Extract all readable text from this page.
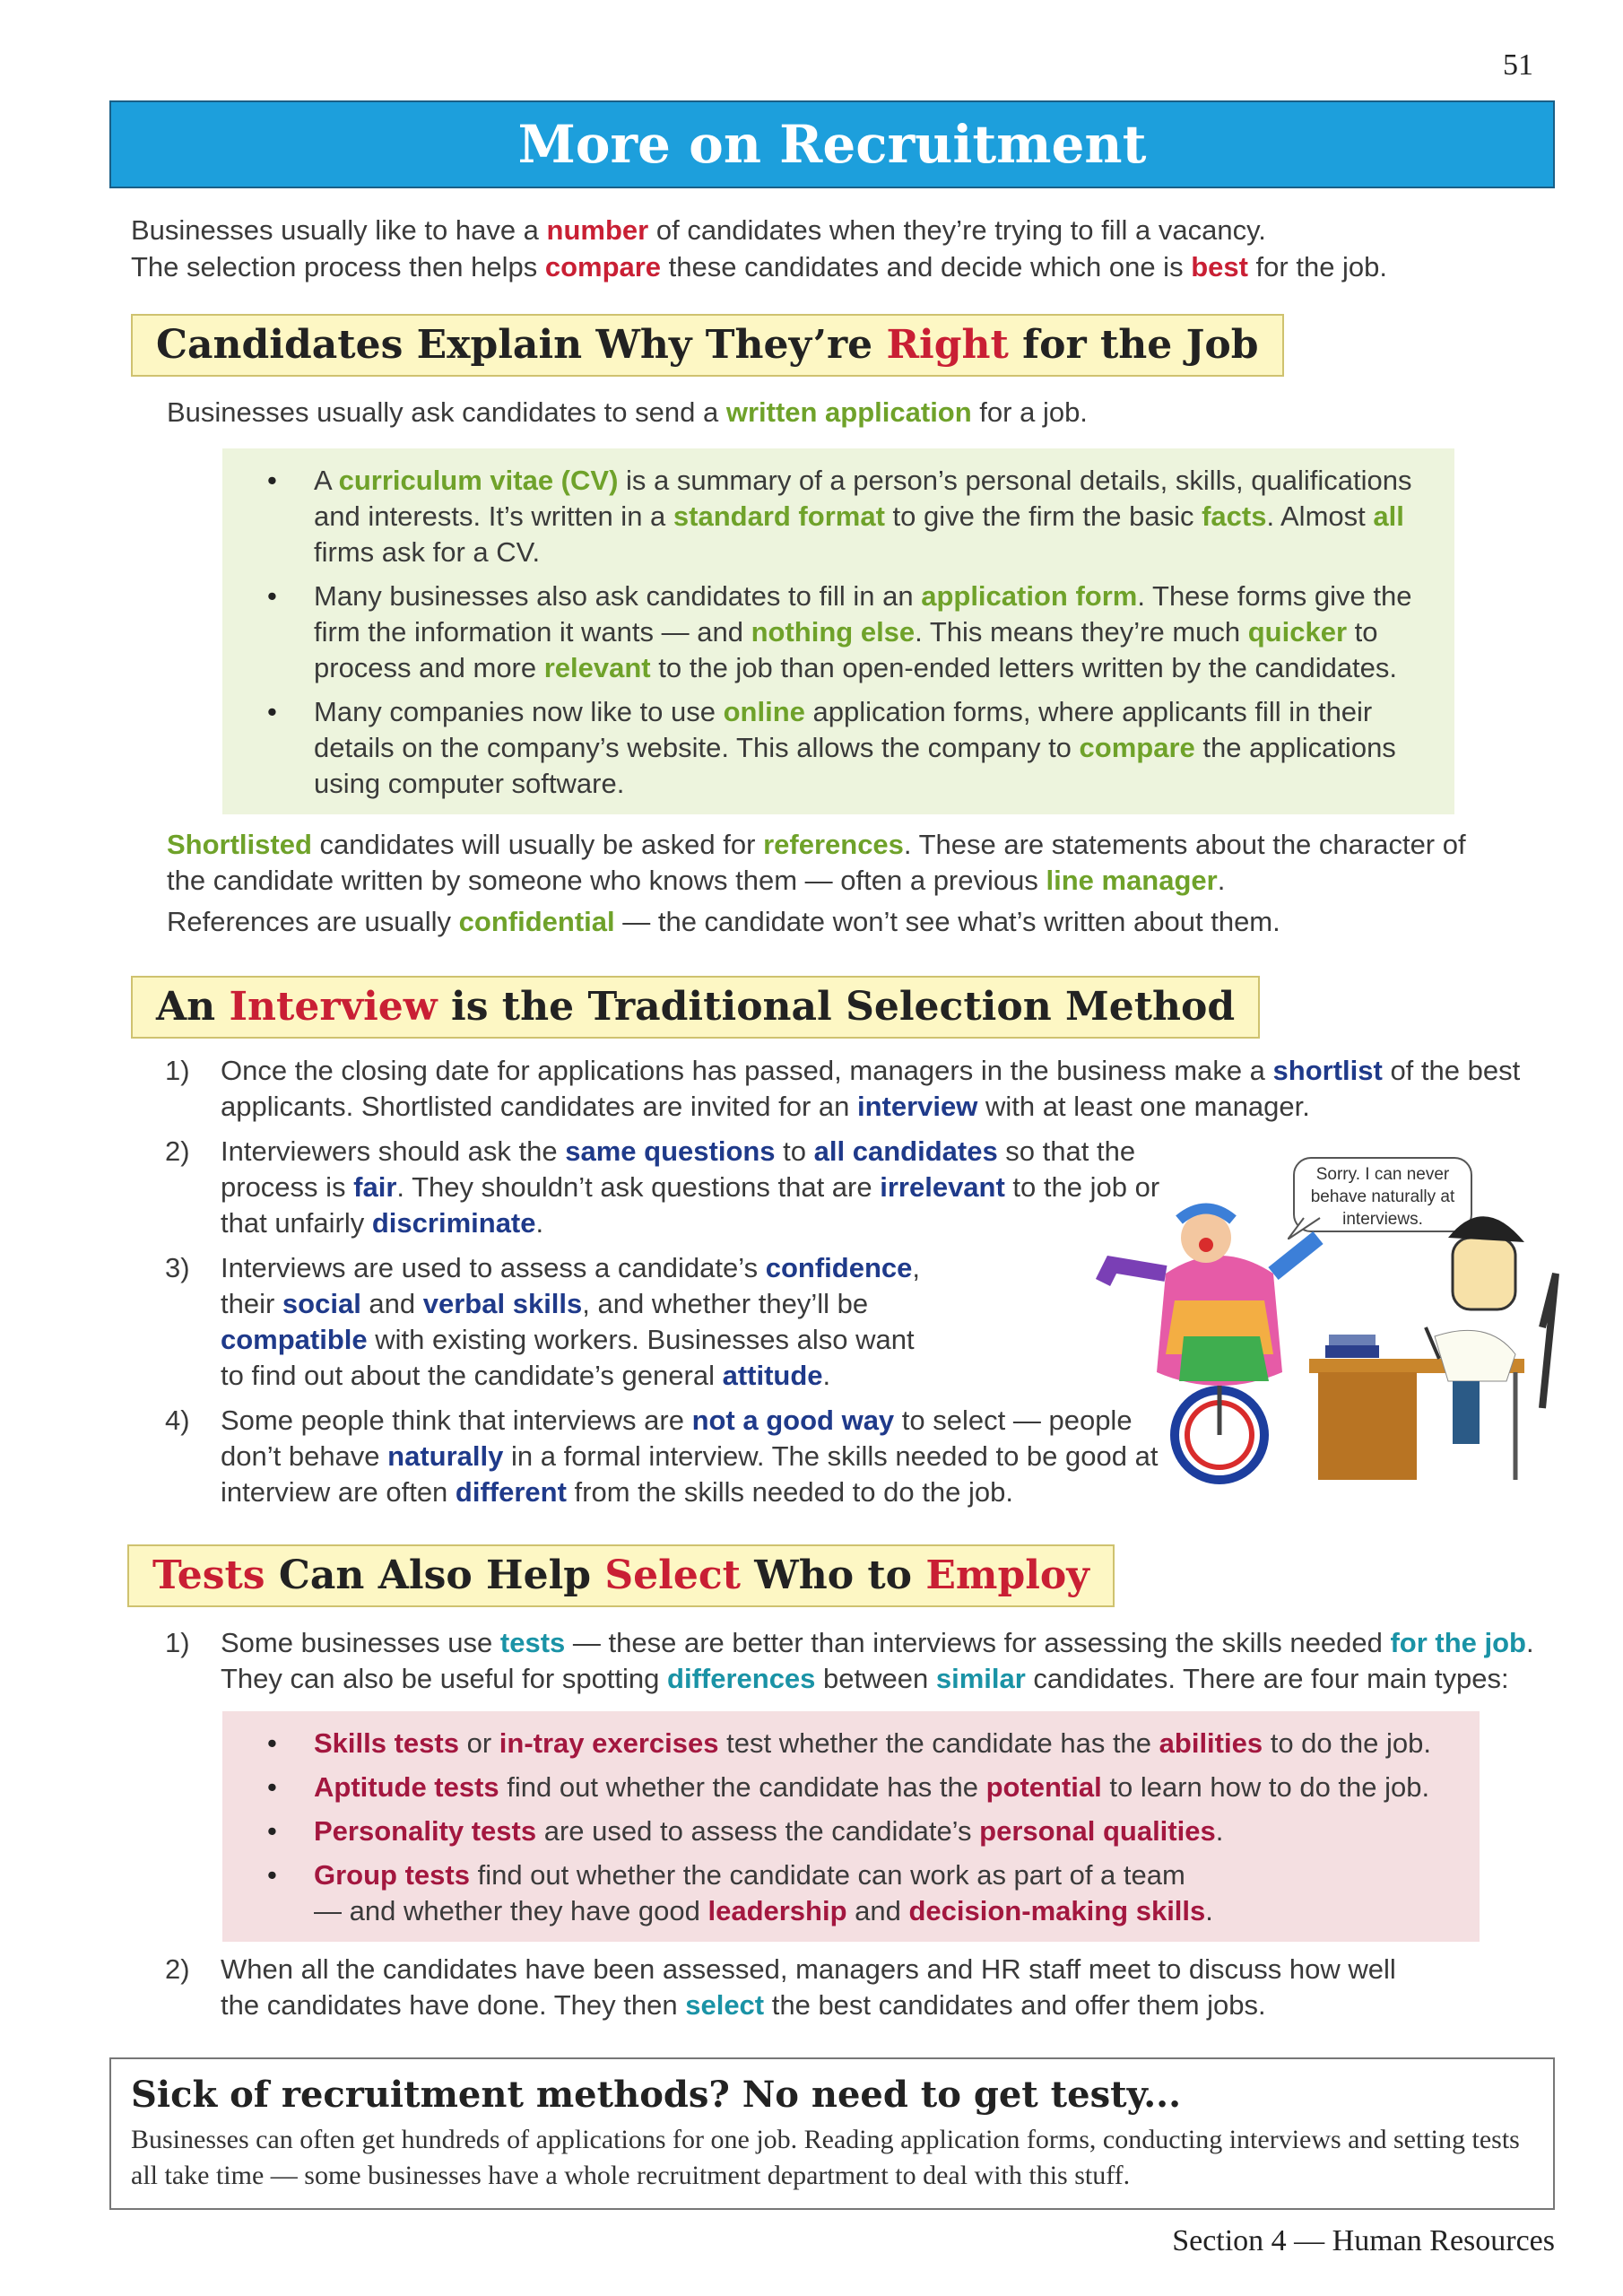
51
More on Recruitment
Businesses usually like to have a number of candidates when they’re trying to fill a vacancy.
The selection process then helps compare these candidates and decide which one is best for the job.
Candidates Explain Why They’re Right for the Job
Businesses usually ask candidates to send a written application for a job.
• A curriculum vitae (CV) is a summary of a person’s personal details, skills, qualifications and interests. It’s written in a standard format to give the firm the basic facts. Almost all firms ask for a CV.
• Many businesses also ask candidates to fill in an application form. These forms give the firm the information it wants — and nothing else. This means they’re much quicker to process and more relevant to the job than open-ended letters written by the candidates.
• Many companies now like to use online application forms, where applicants fill in their details on the company’s website. This allows the company to compare the applications using computer software.
Shortlisted candidates will usually be asked for references. These are statements about the character of the candidate written by someone who knows them — often a previous line manager.
References are usually confidential — the candidate won’t see what’s written about them.
An Interview is the Traditional Selection Method
1)	Once the closing date for applications has passed, managers in the business make a shortlist of the best applicants. Shortlisted candidates are invited for an interview with at least one manager.
2)	Interviewers should ask the same questions to all candidates so that the process is fair. They shouldn’t ask questions that are irrelevant to the job or that unfairly discriminate.
3)	Interviews are used to assess a candidate’s confidence, their social and verbal skills, and whether they’ll be compatible with existing workers. Businesses also want to find out about the candidate’s general attitude.
4)	Some people think that interviews are not a good way to select — people don’t behave naturally in a formal interview. The skills needed to be good at interview are often different from the skills needed to do the job.
Sorry. I can never behave naturally at interviews.
Tests Can Also Help Select Who to Employ
1)	Some businesses use tests — these are better than interviews for assessing the skills needed for the job. They can also be useful for spotting differences between similar candidates. There are four main types:
• Skills tests or in-tray exercises test whether the candidate has the abilities to do the job.
• Aptitude tests find out whether the candidate has the potential to learn how to do the job.
• Personality tests are used to assess the candidate’s personal qualities.
• Group tests find out whether the candidate can work as part of a team — and whether they have good leadership and decision-making skills.
2)	When all the candidates have been assessed, managers and HR staff meet to discuss how well the candidates have done. They then select the best candidates and offer them jobs.
Sick of recruitment methods? No need to get testy...
Businesses can often get hundreds of applications for one job. Reading application forms, conducting interviews and setting tests all take time — some businesses have a whole recruitment department to deal with this stuff.
Section 4 — Human Resources
